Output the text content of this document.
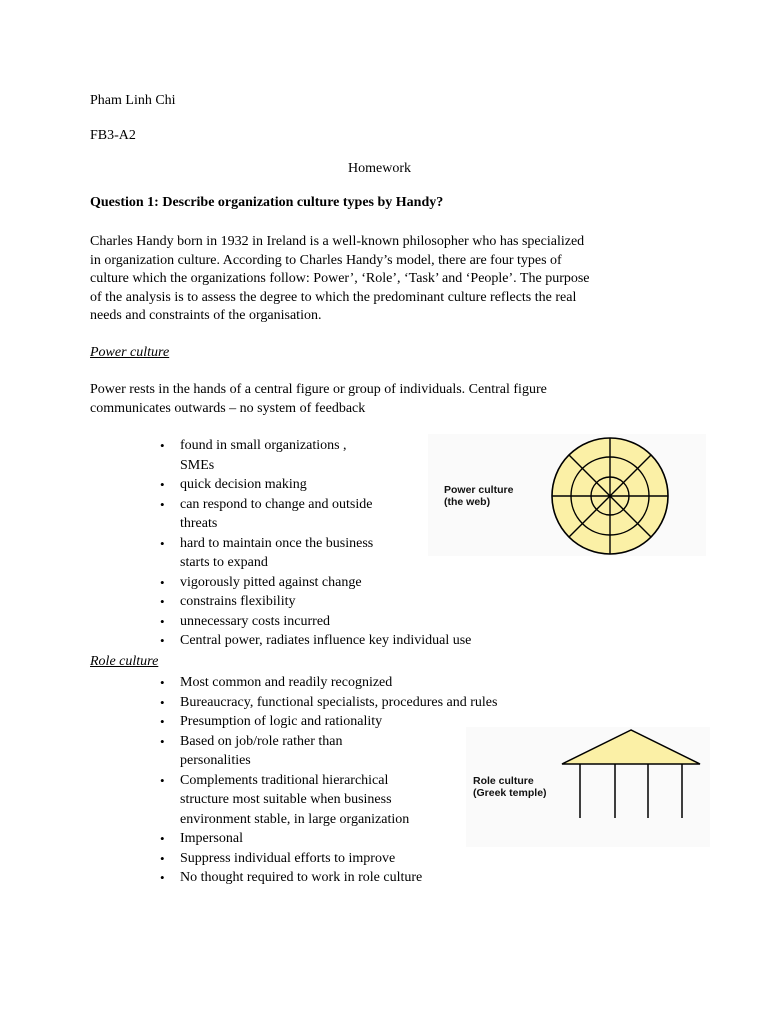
Pham Linh Chi
FB3-A2
Homework
Question 1: Describe organization culture types by Handy?
Charles Handy born in 1932 in Ireland is a well-known philosopher who has specialized
in organization culture. According to Charles Handy’s model, there are four types of
culture which the organizations follow: Power’, ‘Role’, ‘Task’ and ‘People’. The purpose
of the analysis is to assess the degree to which the predominant culture reflects the real
needs and constraints of the organisation.
Power culture
Power rests in the hands of a central figure or group of individuals. Central figure
communicates outwards – no system of feedback
• found in small organizations ,
SMEs
• quick decision making
• can respond to change and outside
threats
• hard to maintain once the business
starts to expand
• vigorously pitted against change
• constrains flexibility
• unnecessary costs incurred
• Central power, radiates influence key individual use
Power culture
(the web)
Role culture
• Most common and readily recognized
• Bureaucracy, functional specialists, procedures and rules
• Presumption of logic and rationality
• Based on job/role rather than
personalities
• Complements traditional hierarchical
structure most suitable when business
environment stable, in large organization
• Impersonal
• Suppress individual efforts to improve
• No thought required to work in role culture
Role culture
(Greek temple)
